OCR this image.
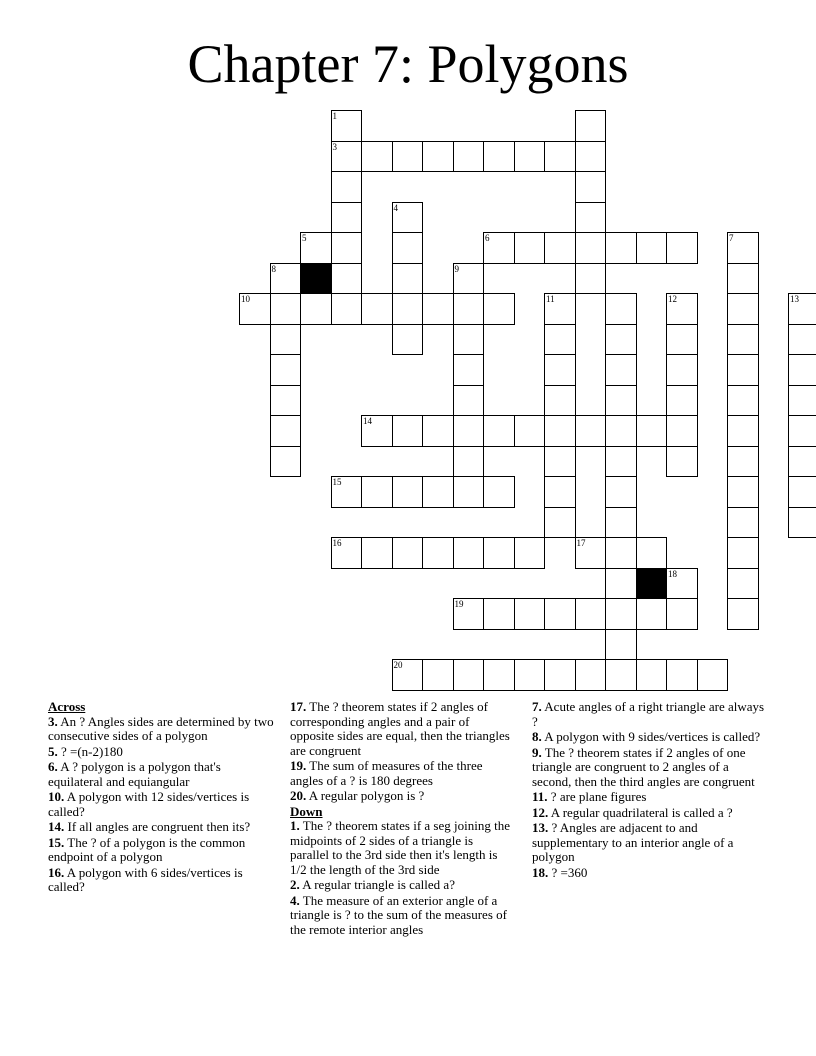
Chapter 7: Polygons
1
3
4
5	6	7
8	9
10	11	12	13
14
15
16	17
18
19
20
Across
3. An ? Angles sides are determined by two consecutive sides of a polygon
5. ? =(n-2)180
6. A ? polygon is a polygon that's equilateral and equiangular
10. A polygon with 12 sides/vertices is called?
14. If all angles are congruent then its?
15. The ? of a polygon is the common endpoint of a polygon
16. A polygon with 6 sides/vertices is called?
17. The ? theorem states if 2 angles of corresponding angles and a pair of opposite sides are equal, then the triangles are congruent
19. The sum of measures of the three angles of a ? is 180 degrees
20. A regular polygon is ?
Down
1. The ? theorem states if a seg joining the midpoints of 2 sides of a triangle is parallel to the 3rd side then it's length is 1/2 the length of the 3rd side
2. A regular triangle is called a?
4. The measure of an exterior angle of a triangle is ? to the sum of the measures of the remote interior angles
7. Acute angles of a right triangle are always ?
8. A polygon with 9 sides/vertices is called?
9. The ? theorem states if 2 angles of one triangle are congruent to 2 angles of a second, then the third angles are congruent
11. ? are plane figures
12. A regular quadrilateral is called a ?
13. ? Angles are adjacent to and supplementary to an interior angle of a polygon
18. ? =360
